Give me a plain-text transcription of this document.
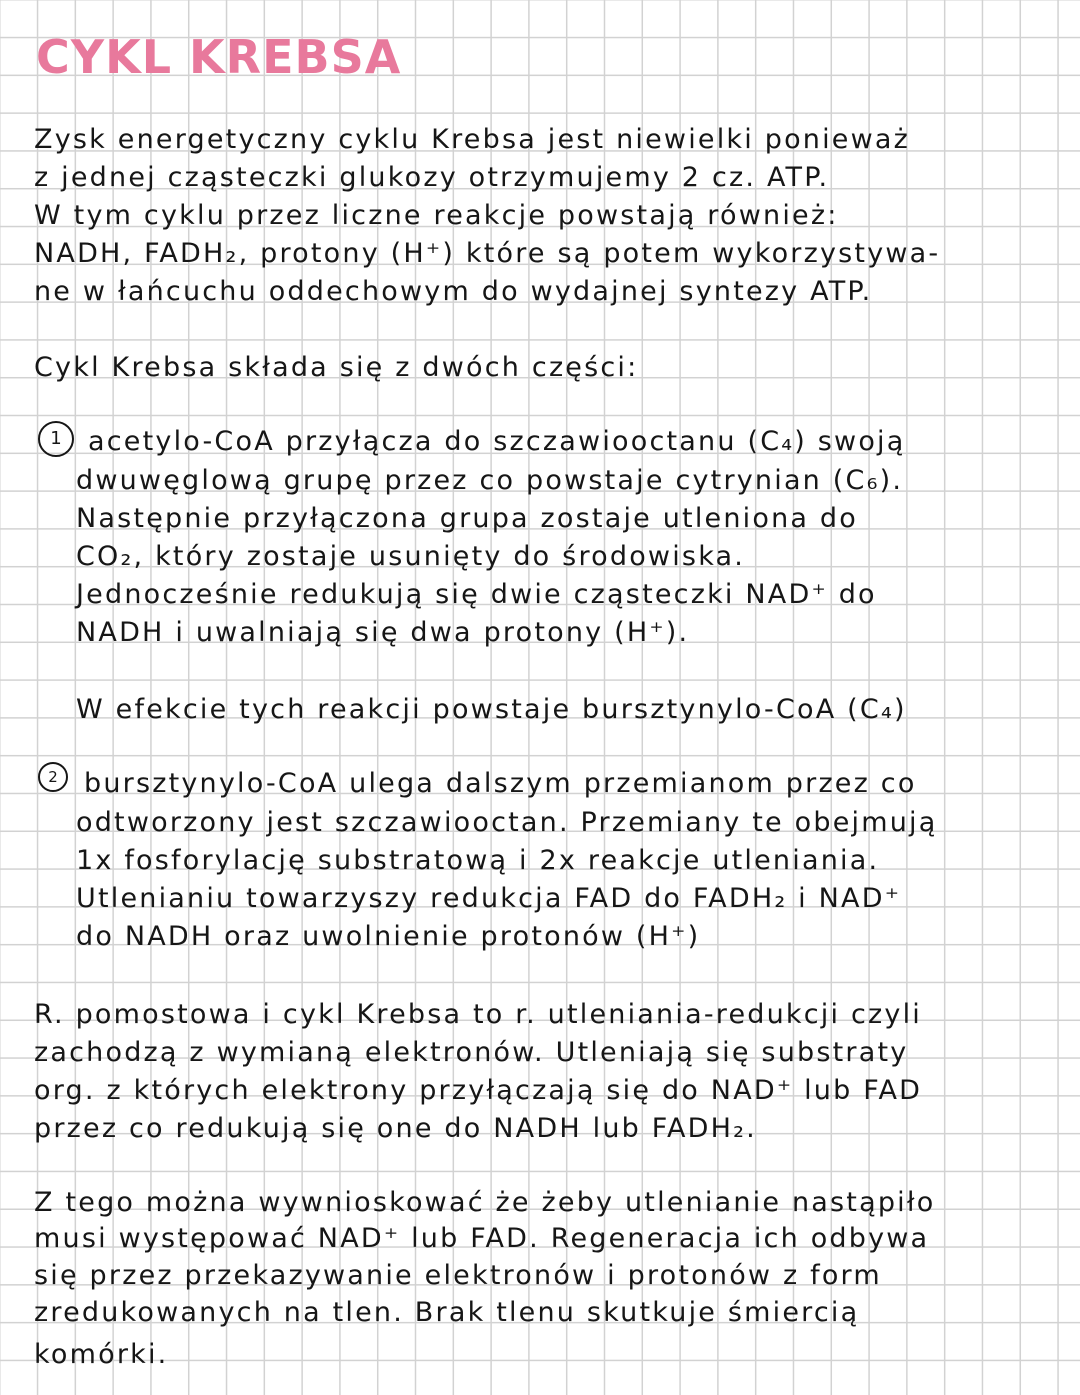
CYKL KREBSA
Zysk energetyczny cyklu Krebsa jest niewielki ponieważ
z jednej cząsteczki glukozy otrzymujemy 2 cz. ATP.
W tym cyklu przez liczne reakcje powstają również:
NADH, FADH₂, protony (H⁺) które są potem wykorzystywa-
ne w łańcuchu oddechowym do wydajnej syntezy ATP.
Cykl Krebsa składa się z dwóch części:
1 acetylo-CoA przyłącza do szczawiooctanu (C₄) swoją
dwuwęglową grupę przez co powstaje cytrynian (C₆).
Następnie przyłączona grupa zostaje utleniona do
CO₂, który zostaje usunięty do środowiska.
Jednocześnie redukują się dwie cząsteczki NAD⁺ do
NADH i uwalniają się dwa protony (H⁺).
W efekcie tych reakcji powstaje bursztynylo-CoA (C₄)
2 bursztynylo-CoA ulega dalszym przemianom przez co
odtworzony jest szczawiooctan. Przemiany te obejmują
1x fosforylację substratową i 2x reakcje utleniania.
Utlenianiu towarzyszy redukcja FAD do FADH₂ i NAD⁺
do NADH oraz uwolnienie protonów (H⁺)
R. pomostowa i cykl Krebsa to r. utleniania-redukcji czyli
zachodzą z wymianą elektronów. Utleniają się substraty
org. z których elektrony przyłączają się do NAD⁺ lub FAD
przez co redukują się one do NADH lub FADH₂.
Z tego można wywnioskować że żeby utlenianie nastąpiło
musi występować NAD⁺ lub FAD. Regeneracja ich odbywa
się przez przekazywanie elektronów i protonów z form
zredukowanych na tlen. Brak tlenu skutkuje śmiercią
komórki.
